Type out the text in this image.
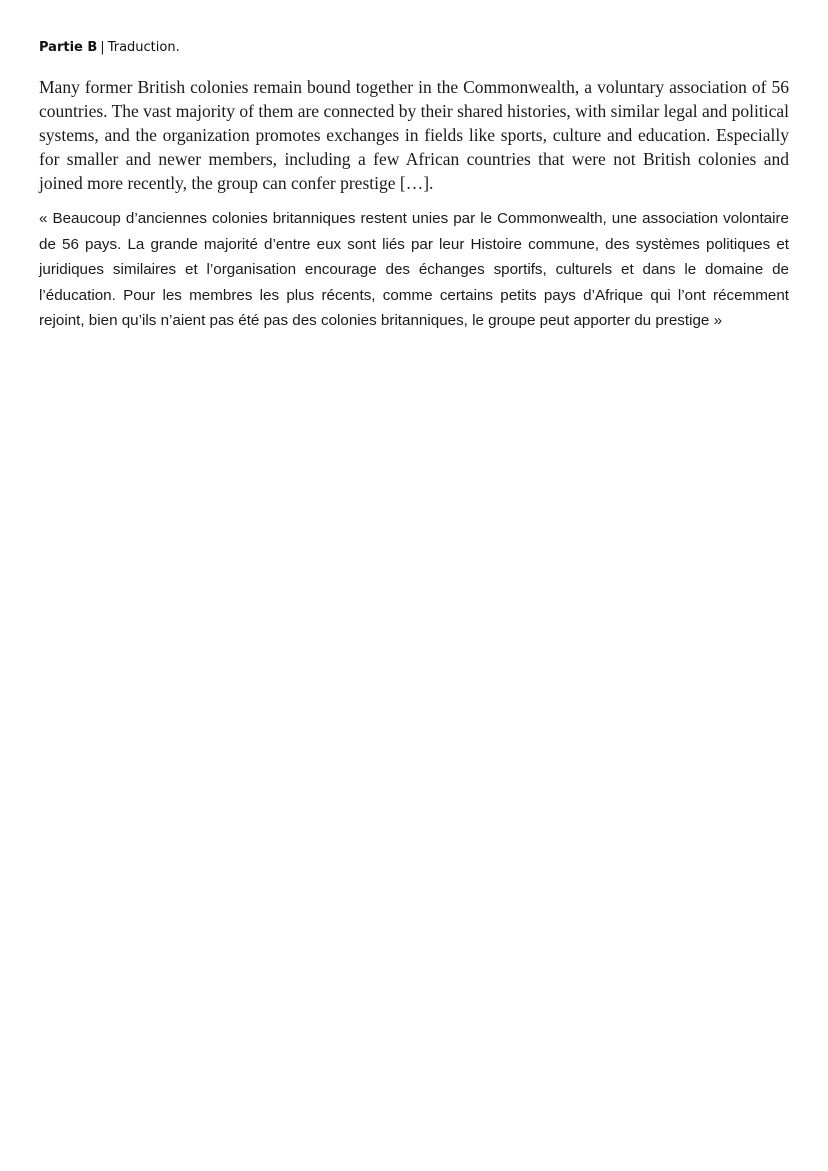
Partie B | Traduction.

Many former British colonies remain bound together in the Commonwealth, a voluntary association of 56 countries. The vast majority of them are connected by their shared histories, with similar legal and political systems, and the organization promotes exchanges in fields like sports, culture and education. Especially for smaller and newer members, including a few African countries that were not British colonies and joined more recently, the group can confer prestige […].

« Beaucoup d’anciennes colonies britanniques restent unies par le Commonwealth, une association volontaire de 56 pays. La grande majorité d’entre eux sont liés par leur Histoire commune, des systèmes politiques et juridiques similaires et l’organisation encourage des échanges sportifs, culturels et dans le domaine de l’éducation. Pour les membres les plus récents, comme certains petits pays d’Afrique qui l’ont récemment rejoint, bien qu’ils n’aient pas été pas des colonies britanniques, le groupe peut apporter du prestige »
